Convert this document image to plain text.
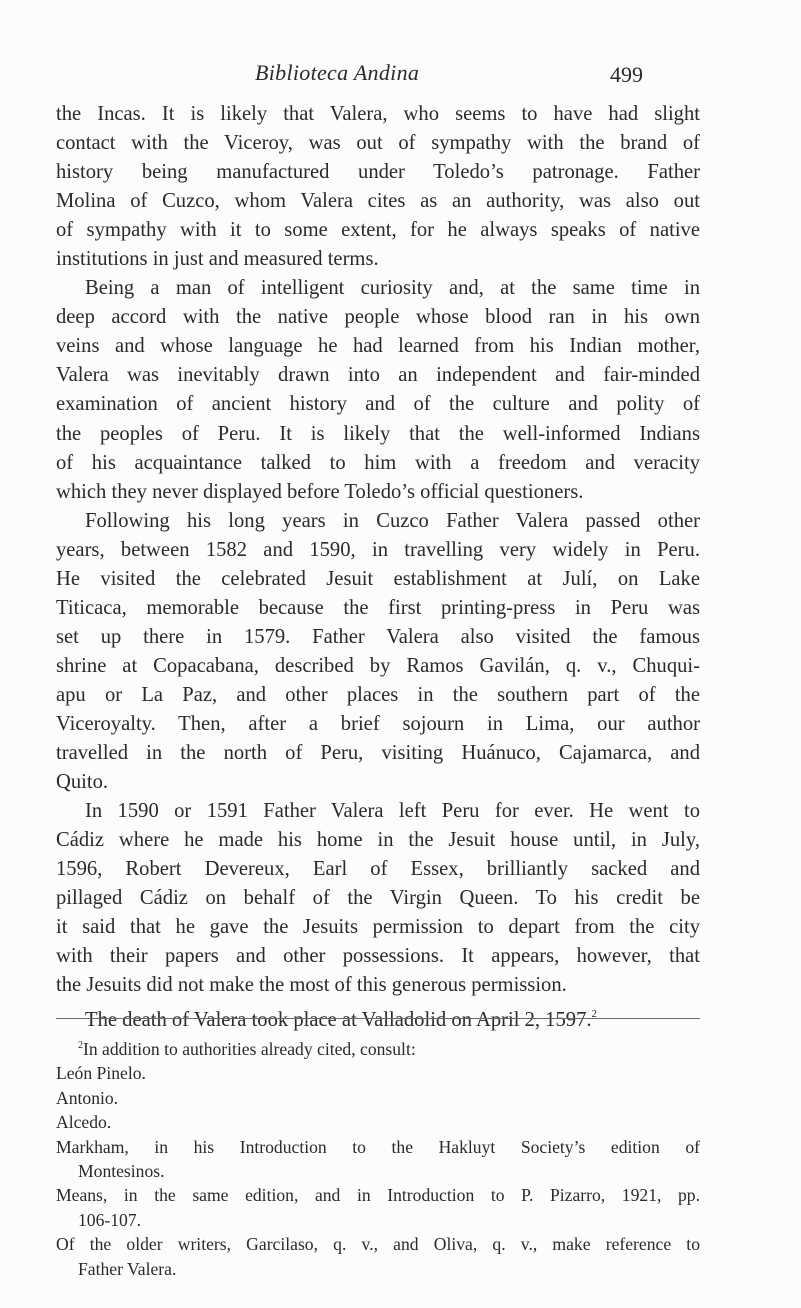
Biblioteca Andina	499
the Incas. It is likely that Valera, who seems to have had slight
contact with the Viceroy, was out of sympathy with the brand of
history being manufactured under Toledo’s patronage. Father
Molina of Cuzco, whom Valera cites as an authority, was also out
of sympathy with it to some extent, for he always speaks of native
institutions in just and measured terms.
Being a man of intelligent curiosity and, at the same time in
deep accord with the native people whose blood ran in his own
veins and whose language he had learned from his Indian mother,
Valera was inevitably drawn into an independent and fair-minded
examination of ancient history and of the culture and polity of
the peoples of Peru. It is likely that the well-informed Indians
of his acquaintance talked to him with a freedom and veracity
which they never displayed before Toledo’s official questioners.
Following his long years in Cuzco Father Valera passed other
years, between 1582 and 1590, in travelling very widely in Peru.
He visited the celebrated Jesuit establishment at Julí, on Lake
Titicaca, memorable because the first printing-press in Peru was
set up there in 1579. Father Valera also visited the famous
shrine at Copacabana, described by Ramos Gavilán, q. v., Chuqui-
apu or La Paz, and other places in the southern part of the
Viceroyalty. Then, after a brief sojourn in Lima, our author
travelled in the north of Peru, visiting Huánuco, Cajamarca, and
Quito.
In 1590 or 1591 Father Valera left Peru for ever. He went to
Cádiz where he made his home in the Jesuit house until, in July,
1596, Robert Devereux, Earl of Essex, brilliantly sacked and
pillaged Cádiz on behalf of the Virgin Queen. To his credit be
it said that he gave the Jesuits permission to depart from the city
with their papers and other possessions. It appears, however, that
the Jesuits did not make the most of this generous permission.
The death of Valera took place at Valladolid on April 2, 1597.$^2$
$^2$In addition to authorities already cited, consult:
León Pinelo.
Antonio.
Alcedo.
Markham, in his Introduction to the Hakluyt Society’s edition of
Montesinos.
Means, in the same edition, and in Introduction to P. Pizarro, 1921, pp.
106-107.
Of the older writers, Garcilaso, q. v., and Oliva, q. v., make reference to
Father Valera.
